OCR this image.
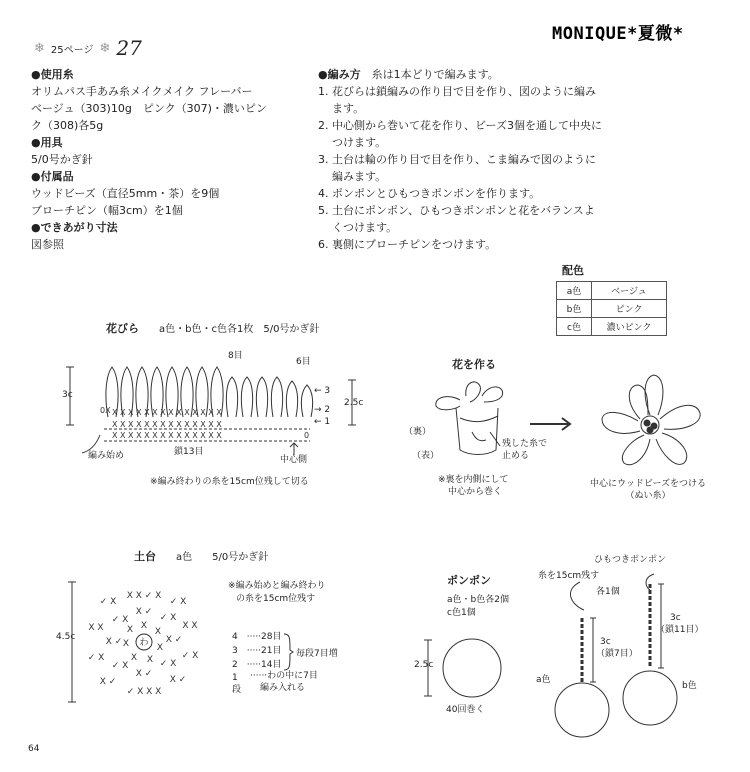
❄ 25ページ ❄ 27
MONIQUE*夏微*
●使用糸
オリムパス手あみ糸メイクメイク フレーバー
ベージュ（303)10g　ピンク（307)・濃いピン
ク（308)各5g
●用具
5/0号かぎ針
●付属品
ウッドビーズ（直径5mm・茶）を9個
ブローチピン（幅3cm）を1個
●できあがり寸法
図参照
●編み方　 糸は1本どりで編みます。
1. 花びらは鎖編みの作り目で目を作り、図のように編み
ます。
2. 中心側から巻いて花を作り、ビーズ3個を通して中央に
つけます。
3. 土台は輪の作り目で目を作り、こま編みで図のように
編みます。
4. ポンポンとひもつきポンポンを作ります。
5. 土台にポンポン、ひもつきポンポンと花をバランスよ
くつけます。
6. 裏側にブローチピンをつけます。
配色
a色	ベージュ
b色	ピンク
c色	濃いピンク
花びら　　 a色・b色・c色各1枚　5/0号かぎ針
8目
6目
3c
2.5c
← 3
→ 2
← 1
編み始め	鎖13目
中心側
※編み終わりの糸を15cm位残して切る
0X X X X X X X X X X X X X X X
X X X X X X X X X X X X X X
X X X X X X X X X X X X X X	0
花を作る
（裏）
（表）
残した糸で
止める
※裏を内側にして
中心から巻く
中心にウッドビーズをつける
（ぬい糸）
土台　　 a色　　 5/0号かぎ針
※編み始めと編み終わり
の糸を15cm位残す
4.5c
わ
X
X
X
X
X
X
X
X ✓
✓ X
X ✓
✓ X
X ✓
✓ X
X ✓
✓ X
X X ✓ X
✓ X
X X
✓ X
X ✓
✓ X X X
X ✓
✓ X
X X
✓ X
4　·····28目
3　·····21目
2　·····14目
毎段7目増
1
段
······わの中に7目
編み入れる
ポンポン
a色・b色各2個
c色1個
2.5c
40回巻く
ひもつきポンポン
糸を15cm残す
各1個
3c
（鎖7目）
3c
（鎖11目）
a色
b色
64
